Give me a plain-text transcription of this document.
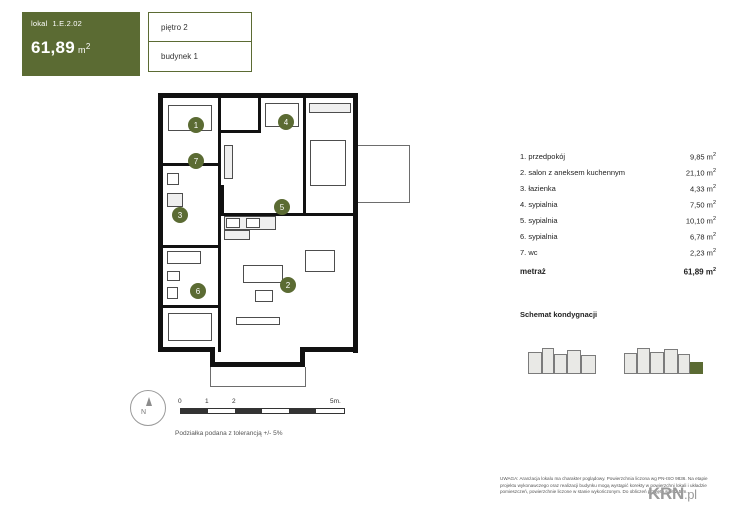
lokal 1.E.2.02
61,89 $m^2$
piętro 2
budynek 1
1
2
3
4
5
6
7
N
0	1	2	5m.
Podziałka podana z tolerancją +/- 5%
1. przedpokój	9,85 $m^2$
2. salon z aneksem kuchennym	21,10 $m^2$
3. łazienka	4,33 $m^2$
4. sypialnia	7,50 $m^2$
5. sypialnia	10,10 $m^2$
6. sypialnia	6,78 $m^2$
7. wc	2,23 $m^2$
metraż	61,89 $m^2$
Schemat kondygnacji
UWAGA: Aranżacja lokalu ma charakter poglądowy. Powierzchnia liczona wg PN-ISO 9836. Na etapie projektu wykonawczego oraz realizacji budynku mogą wystąpić korekty w powierzchni lokali i układzie pomieszczeń, powierzchnie liczone w stanie wykończonym. Do obliczeń przyjęto sufit 2,5 m.
KRN.pl
